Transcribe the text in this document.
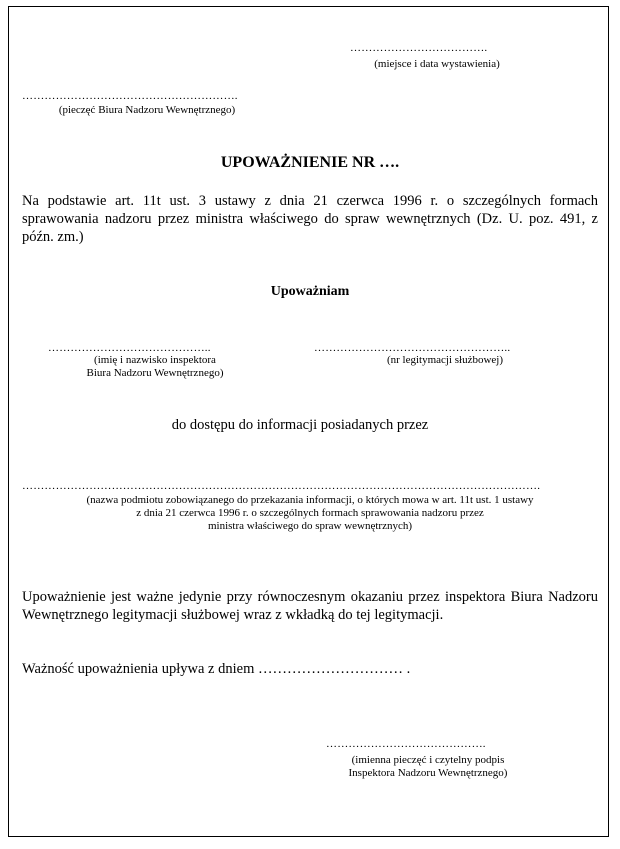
……………………………….
(miejsce i data wystawienia)
………………………………………………….
(pieczęć Biura Nadzoru Wewnętrznego)
UPOWAŻNIENIE NR ….
Na podstawie art. 11t ust. 3 ustawy z dnia 21 czerwca 1996 r. o szczególnych formach sprawowania nadzoru przez ministra właściwego do spraw wewnętrznych (Dz. U. poz. 491, z późn. zm.)
Upoważniam
……………………………………..
(imię i nazwisko inspektora
Biura Nadzoru Wewnętrznego)
……………………………………………..
(nr legitymacji służbowej)
do dostępu do informacji posiadanych przez
………………………………………………………………………………………………………………………….
(nazwa podmiotu zobowiązanego do przekazania informacji, o których mowa w art. 11t ust. 1 ustawy
z dnia 21 czerwca 1996 r. o szczególnych formach sprawowania nadzoru przez
ministra właściwego do spraw wewnętrznych)
Upoważnienie jest ważne jedynie przy równoczesnym okazaniu przez inspektora Biura Nadzoru Wewnętrznego legitymacji służbowej wraz z wkładką do tej legitymacji.
Ważność upoważnienia upływa z dniem ………………………… .
…………………………………….
(imienna pieczęć i czytelny podpis
Inspektora Nadzoru Wewnętrznego)
